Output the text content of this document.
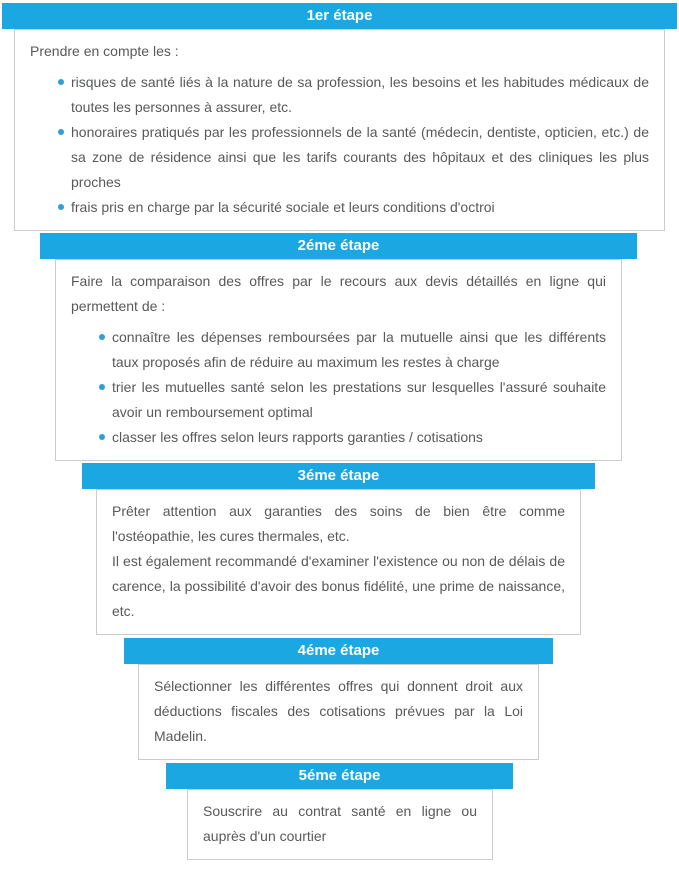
1er étape

Prendre en compte les :

risques de santé liés à la nature de sa profession, les besoins et les habitudes médicaux de toutes les personnes à assurer, etc.
honoraires pratiqués par les professionnels de la santé (médecin, dentiste, opticien, etc.) de sa zone de résidence ainsi que les tarifs courants des hôpitaux et des cliniques les plus proches
frais pris en charge par la sécurité sociale et leurs conditions d'octroi
2éme étape

Faire la comparaison des offres par le recours aux devis détaillés en ligne qui permettent de :

connaître les dépenses remboursées par la mutuelle ainsi que les différents taux proposés afin de réduire au maximum les restes à charge
trier les mutuelles santé selon les prestations sur lesquelles l'assuré souhaite avoir un remboursement optimal
classer les offres selon leurs rapports garanties / cotisations
3éme étape

Prêter attention aux garanties des soins de bien être comme l'ostéopathie, les cures thermales, etc.

Il est également recommandé d'examiner l'existence ou non de délais de carence, la possibilité d'avoir des bonus fidélité, une prime de naissance, etc.

4éme étape

Sélectionner les différentes offres qui donnent droit aux déductions fiscales des cotisations prévues par la Loi Madelin.

5éme étape

Souscrire au contrat santé en ligne ou auprès d'un courtier
